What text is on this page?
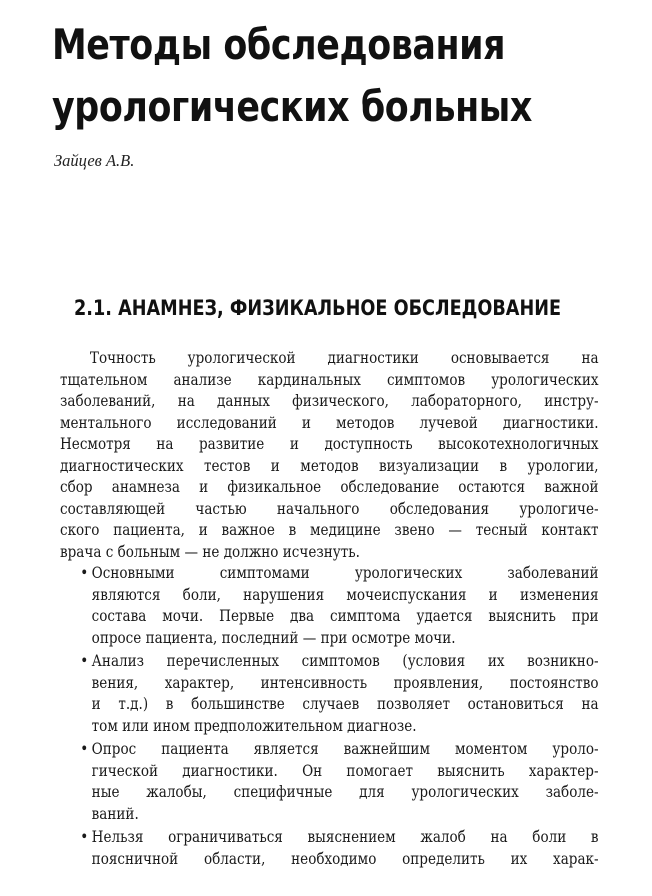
Методы обследования
урологических больных
Зайцев А.В.
2.1. АНАМНЕЗ, ФИЗИКАЛЬНОЕ ОБСЛЕДОВАНИЕ
Точность урологической диагностики основывается на
тщательном анализе кардинальных симптомов урологических
заболеваний, на данных физического, лабораторного, инстру-
ментального исследований и методов лучевой диагностики.
Несмотря на развитие и доступность высокотехнологичных
диагностических тестов и методов визуализации в урологии,
сбор анамнеза и физикальное обследование остаются важной
составляющей частью начального обследования урологиче-
ского пациента, и важное в медицине звено — тесный контакт
врача с больным — не должно исчезнуть.
• Основными симптомами урологических заболеваний
являются боли, нарушения мочеиспускания и изменения
состава мочи. Первые два симптома удается выяснить при
опросе пациента, последний — при осмотре мочи.
• Анализ перечисленных симптомов (условия их возникно-
вения, характер, интенсивность проявления, постоянство
и т.д.) в большинстве случаев позволяет остановиться на
том или ином предположительном диагнозе.
• Опрос пациента является важнейшим моментом уроло-
гической диагностики. Он помогает выяснить характер-
ные жалобы, специфичные для урологических заболе-
ваний.
• Нельзя ограничиваться выяснением жалоб на боли в
поясничной области, необходимо определить их харак-
